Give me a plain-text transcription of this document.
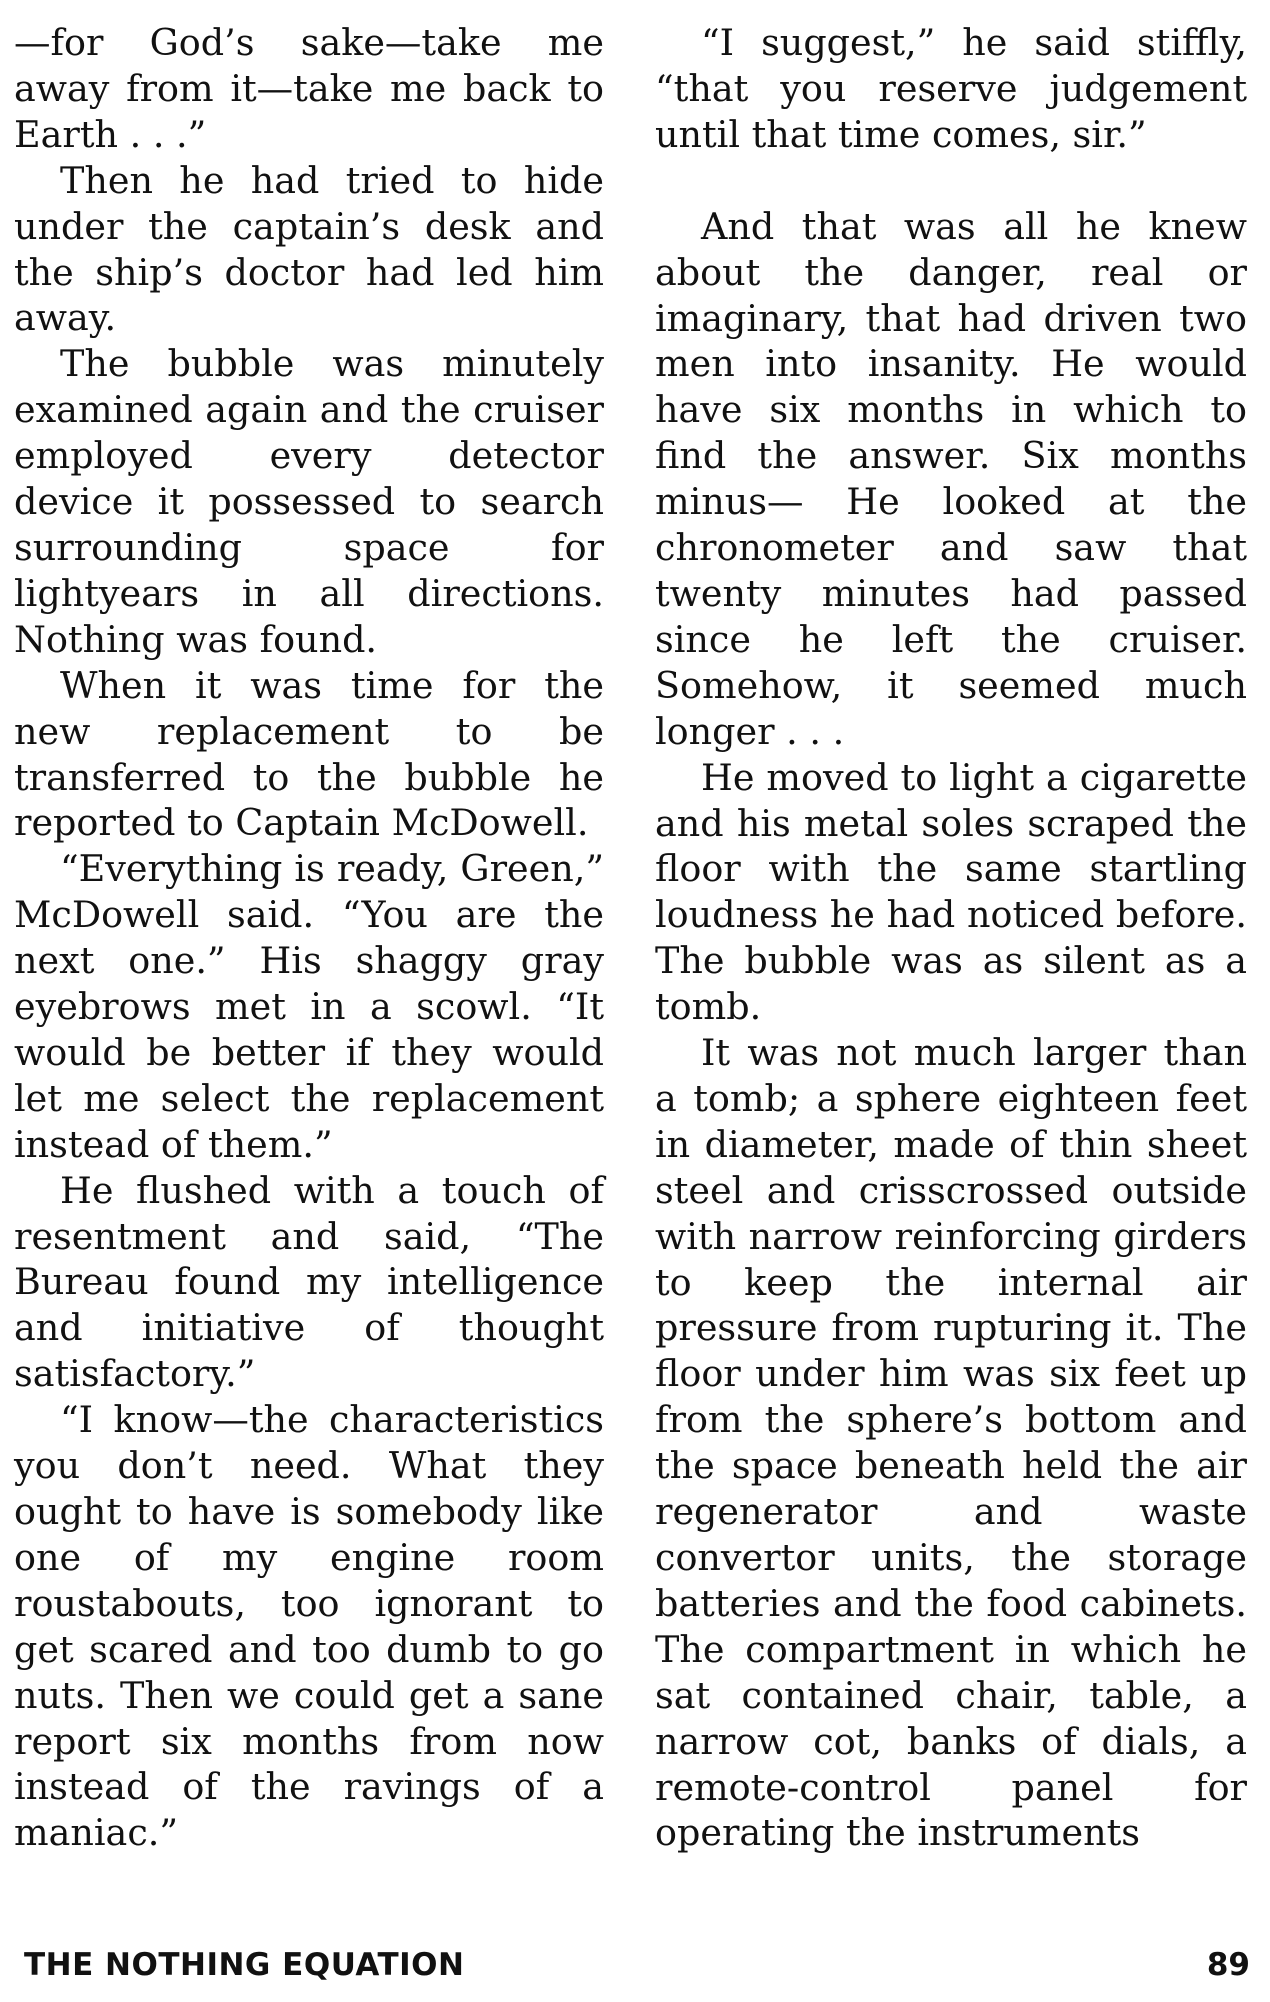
—for God’s sake—take me away from it—take me back to Earth . . .”

Then he had tried to hide under the captain’s desk and the ship’s doctor had led him away.

The bubble was minutely examined again and the cruiser employed every detector device it possessed to search surrounding space for lightyears in all directions. Nothing was found.

When it was time for the new replacement to be transferred to the bubble he reported to Captain McDowell.

“Everything is ready, Green,” McDowell said. “You are the next one.” His shaggy gray eyebrows met in a scowl. “It would be better if they would let me select the replacement instead of them.”

He flushed with a touch of resentment and said, “The Bureau found my intelligence and initiative of thought satisfactory.”

“I know—the characteristics you don’t need. What they ought to have is somebody like one of my engine room roustabouts, too ignorant to get scared and too dumb to go nuts. Then we could get a sane report six months from now instead of the ravings of a maniac.”

“I suggest,” he said stiffly, “that you reserve judgement until that time comes, sir.”

And that was all he knew about the danger, real or imaginary, that had driven two men into insanity. He would have six months in which to find the answer. Six months minus— He looked at the chronometer and saw that twenty minutes had passed since he left the cruiser. Somehow, it seemed much longer . . .

He moved to light a cigarette and his metal soles scraped the floor with the same startling loudness he had noticed before. The bubble was as silent as a tomb.

It was not much larger than a tomb; a sphere eighteen feet in diameter, made of thin sheet steel and crisscrossed outside with narrow reinforcing girders to keep the internal air pressure from rupturing it. The floor under him was six feet up from the sphere’s bottom and the space beneath held the air regenerator and waste convertor units, the storage batteries and the food cabinets. The compartment in which he sat contained chair, table, a narrow cot, banks of dials, a remote-control panel for operating the instruments

THE NOTHING EQUATION	89
